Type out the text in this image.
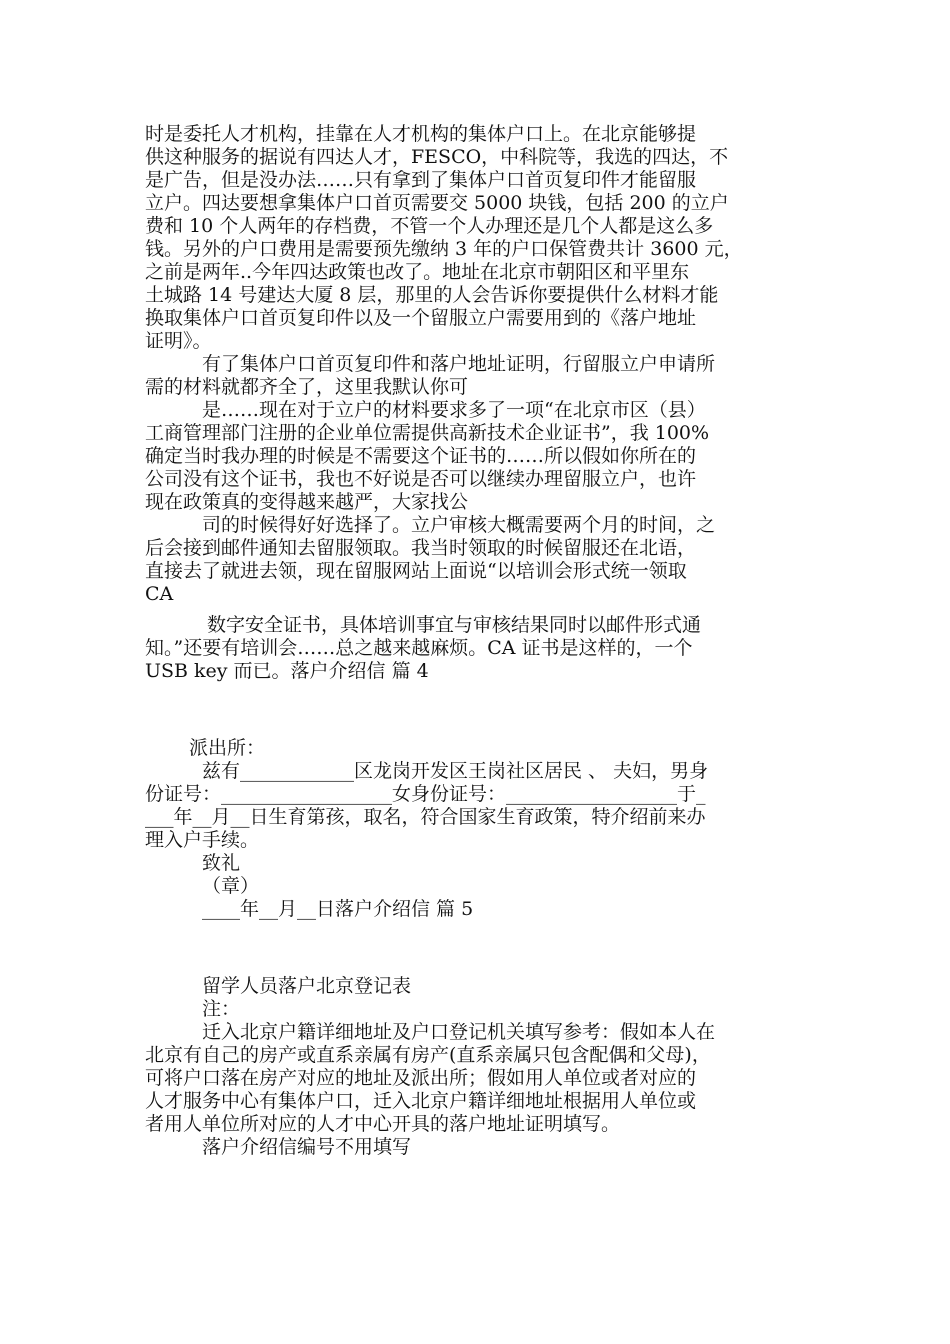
时是委托人才机构，挂靠在人才机构的集体户口上。在北京能够提
供这种服务的据说有四达人才，FESCO，中科院等，我选的四达，不
是广告，但是没办法……只有拿到了集体户口首页复印件才能留服
立户。四达要想拿集体户口首页需要交 5000 块钱，包括 200 的立户
费和 10 个人两年的存档费，不管一个人办理还是几个人都是这么多
钱。另外的户口费用是需要预先缴纳 3 年的户口保管费共计 3600 元，
之前是两年..今年四达政策也改了。地址在北京市朝阳区和平里东
土城路 14 号建达大厦 8 层，那里的人会告诉你要提供什么材料才能
换取集体户口首页复印件以及一个留服立户需要用到的《落户地址
证明》。
有了集体户口首页复印件和落户地址证明，行留服立户申请所
需的材料就都齐全了，这里我默认你可
是……现在对于立户的材料要求多了一项“在北京市区（县）
工商管理部门注册的企业单位需提供高新技术企业证书”，我 100%
确定当时我办理的时候是不需要这个证书的……所以假如你所在的
公司没有这个证书，我也不好说是否可以继续办理留服立户，也许
现在政策真的变得越来越严，大家找公
司的时候得好好选择了。立户审核大概需要两个月的时间，之
后会接到邮件通知去留服领取。我当时领取的时候留服还在北语，
直接去了就进去领，现在留服网站上面说“以培训会形式统一领取
CA
数字安全证书，具体培训事宜与审核结果同时以邮件形式通
知。”还要有培训会……总之越来越麻烦。CA 证书是这样的，一个
USB key 而已。落户介绍信 篇 4
派出所：
兹有____________区龙岗开发区王岗社区居民 、 夫妇，男身
份证号：__________________女身份证号：__________________于_
___年__月__日生育第孩，取名，符合国家生育政策，特介绍前来办
理入户手续。
致礼
（章）
____年__月__日落户介绍信 篇 5
留学人员落户北京登记表
注：
迁入北京户籍详细地址及户口登记机关填写参考：假如本人在
北京有自己的房产或直系亲属有房产(直系亲属只包含配偶和父母)，
可将户口落在房产对应的地址及派出所；假如用人单位或者对应的
人才服务中心有集体户口，迁入北京户籍详细地址根据用人单位或
者用人单位所对应的人才中心开具的落户地址证明填写。
落户介绍信编号不用填写
